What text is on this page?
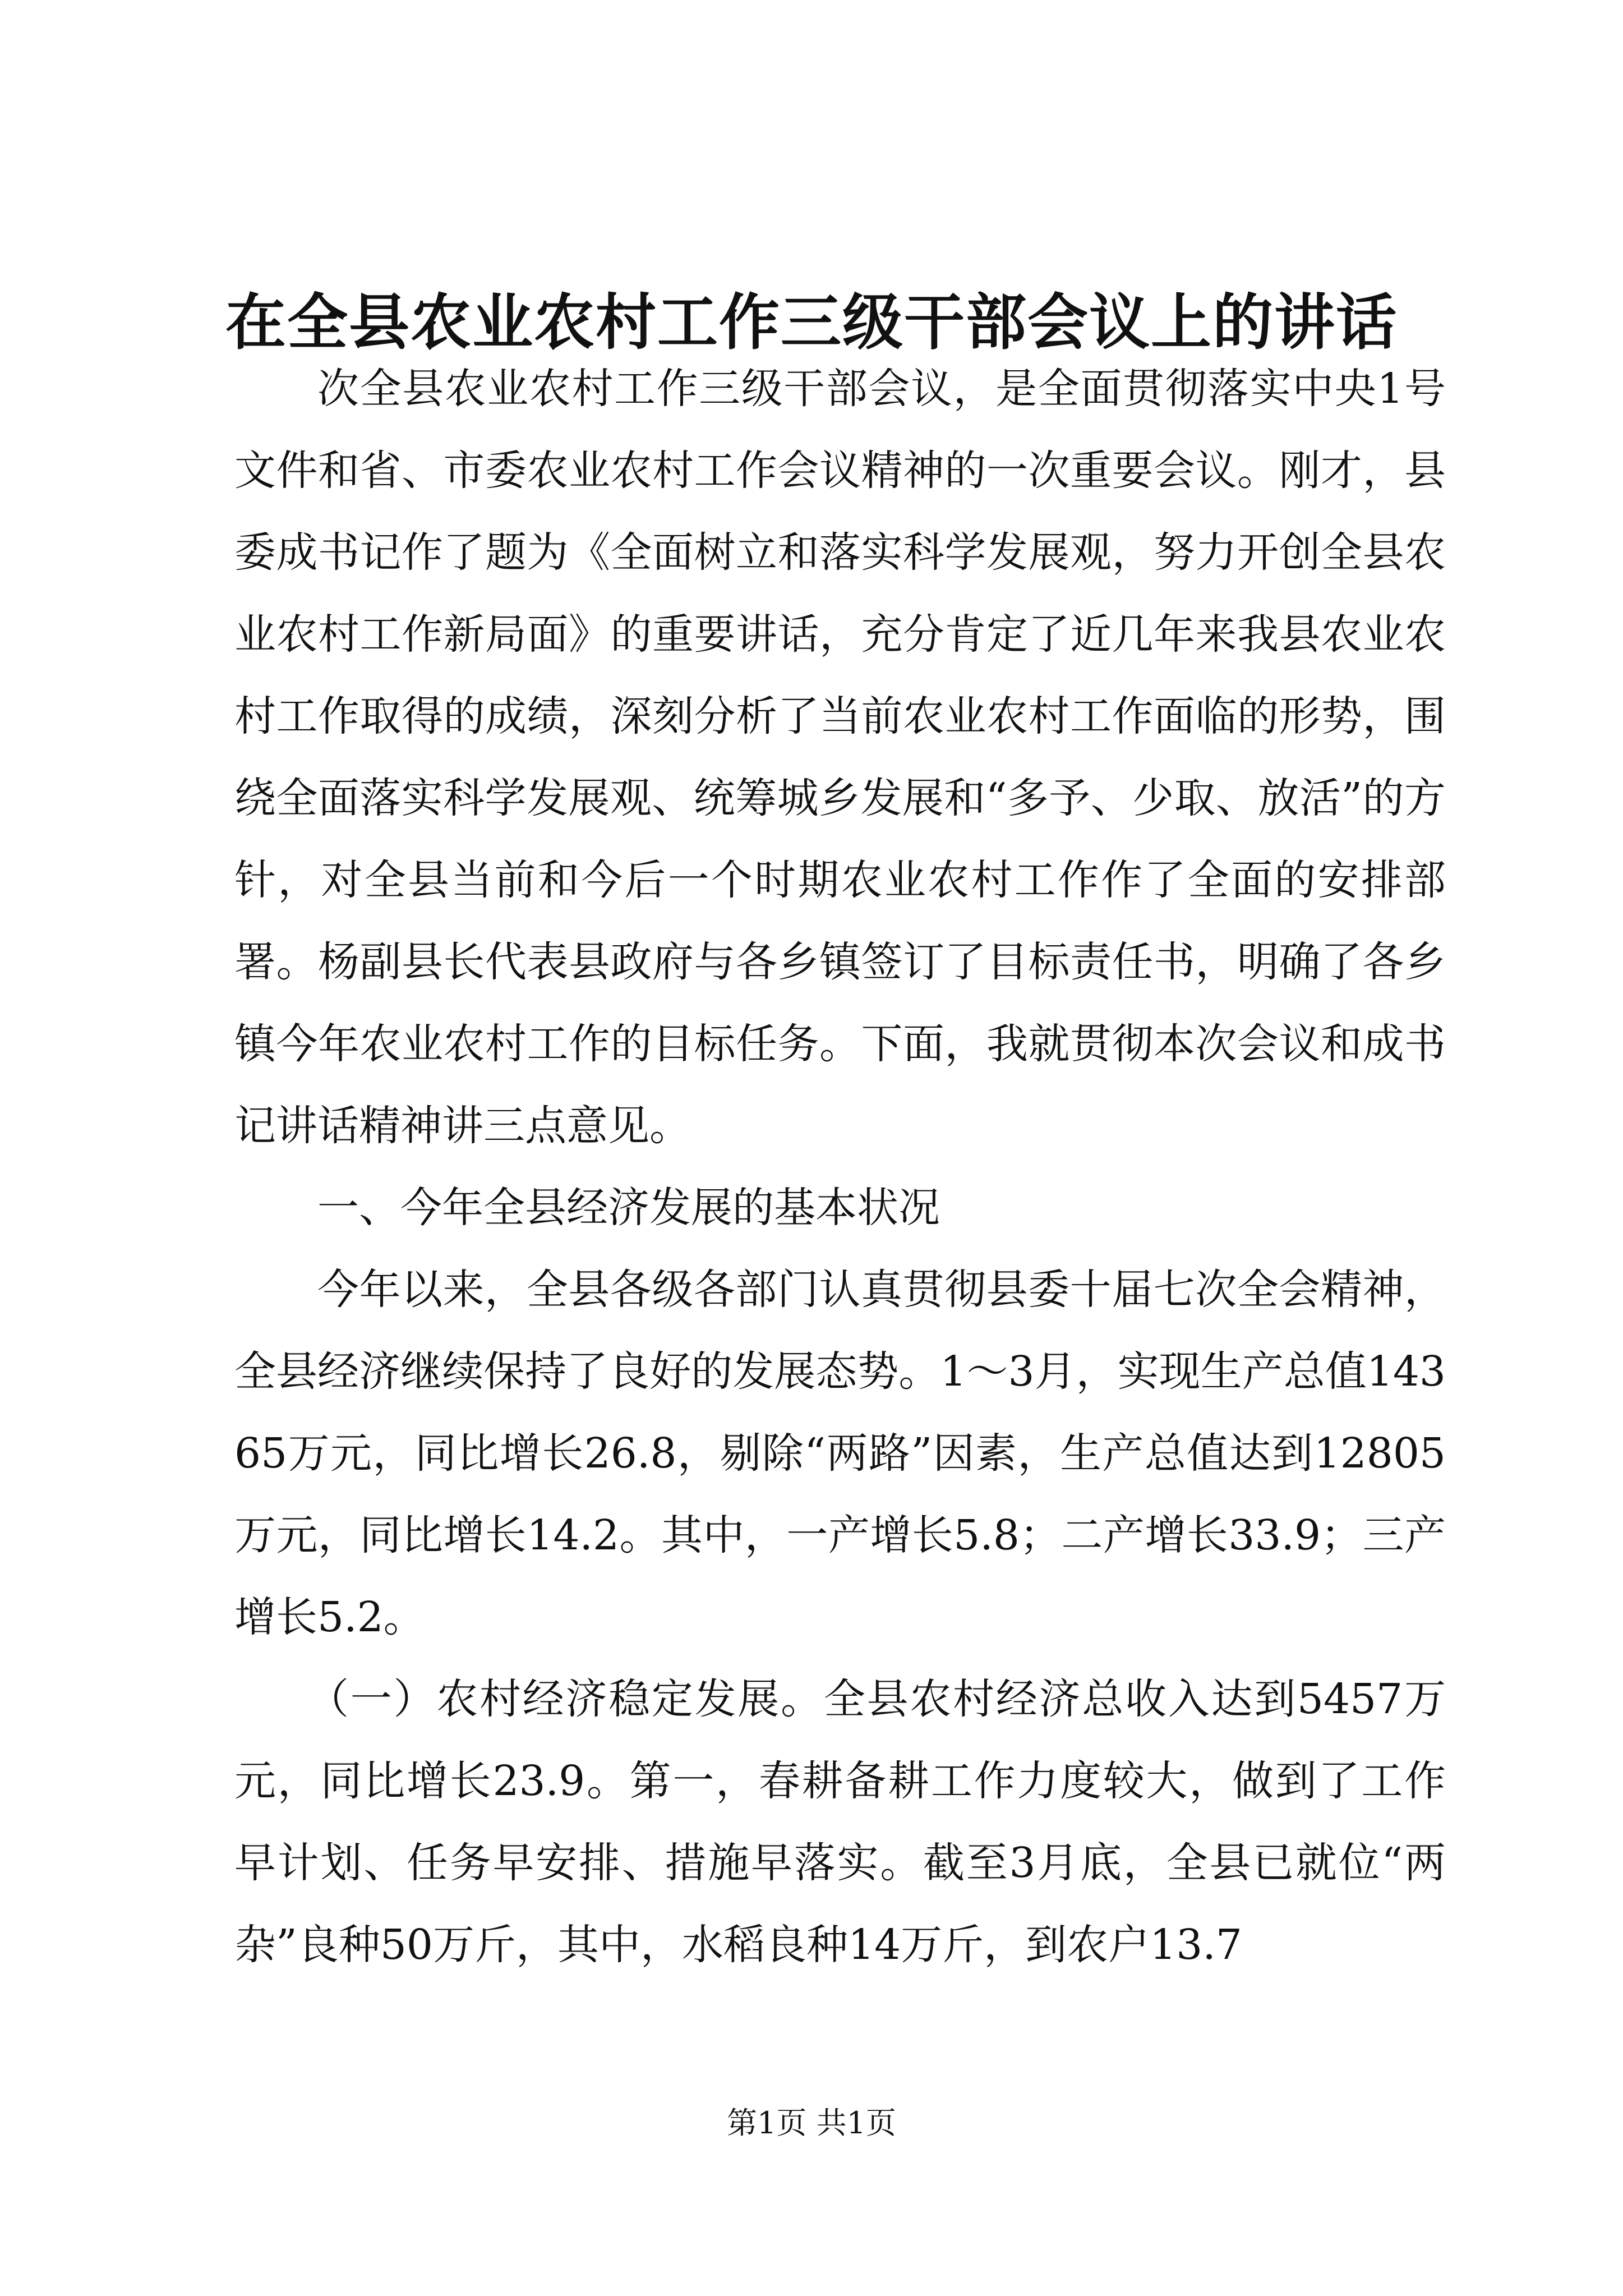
在全县农业农村工作三级干部会议上的讲话

次全县农业农村工作三级干部会议，是全面贯彻落实中央1号文件和省、市委农业农村工作会议精神的一次重要会议。刚才，县委成书记作了题为《全面树立和落实科学发展观，努力开创全县农业农村工作新局面》的重要讲话，充分肯定了近几年来我县农业农村工作取得的成绩，深刻分析了当前农业农村工作面临的形势，围绕全面落实科学发展观、统筹城乡发展和“多予、少取、放活”的方针，对全县当前和今后一个时期农业农村工作作了全面的安排部署。杨副县长代表县政府与各乡镇签订了目标责任书，明确了各乡镇今年农业农村工作的目标任务。下面，我就贯彻本次会议和成书记讲话精神讲三点意见。

一、今年全县经济发展的基本状况

今年以来，全县各级各部门认真贯彻县委十届七次全会精神，全县经济继续保持了良好的发展态势。1～3月，实现生产总值14365万元，同比增长26.8，剔除“两路”因素，生产总值达到12805万元，同比增长14.2。其中，一产增长5.8；二产增长33.9；三产增长5.2。

（一）农村经济稳定发展。全县农村经济总收入达到5457万元，同比增长23.9。第一，春耕备耕工作力度较大，做到了工作早计划、任务早安排、措施早落实。截至3月底，全县已就位“两杂”良种50万斤，其中，水稻良种14万斤，到农户13.7

第1页 共1页
